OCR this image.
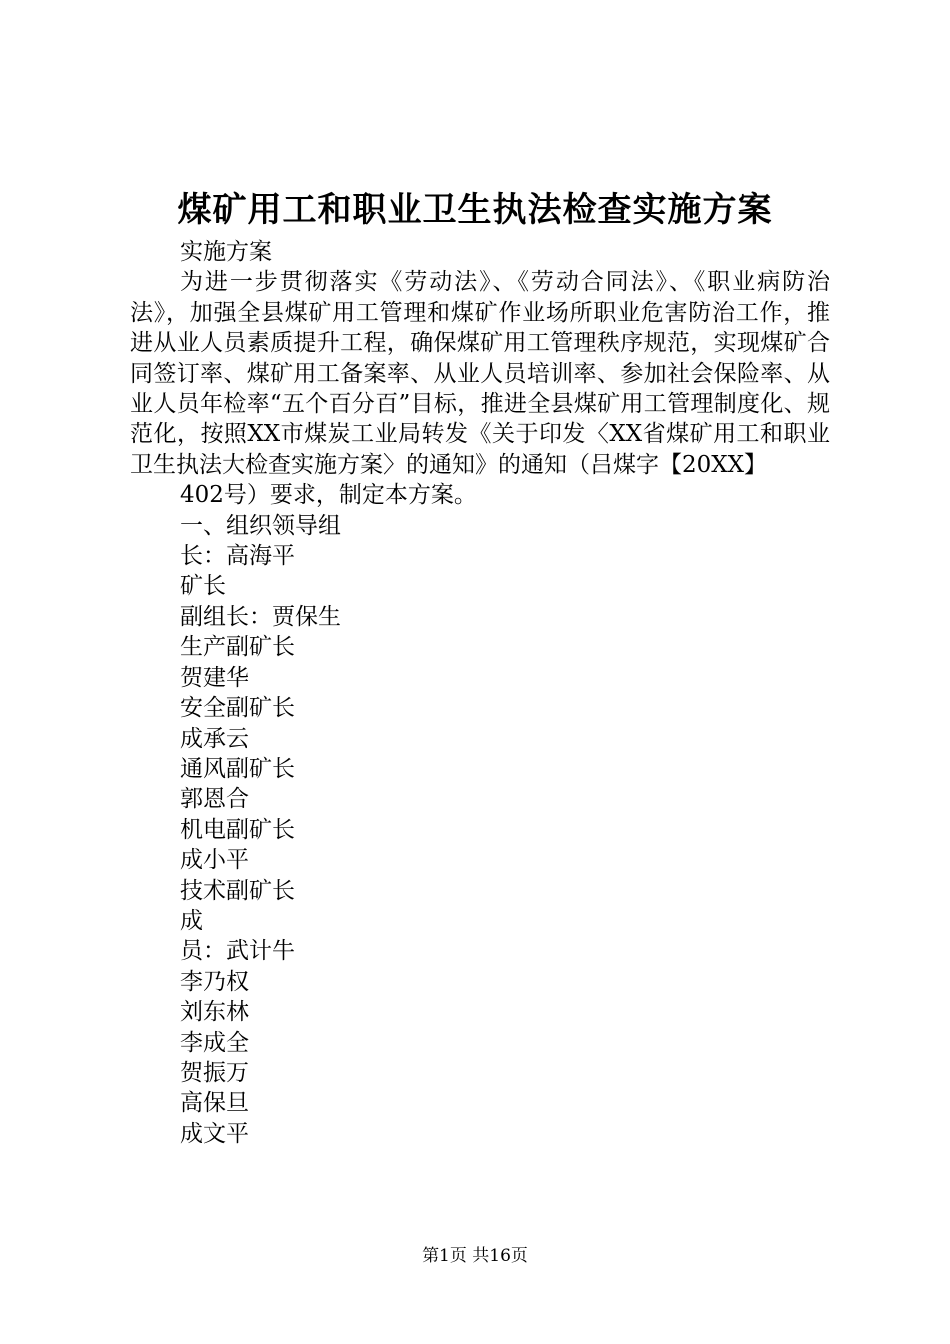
煤矿用工和职业卫生执法检查实施方案

实施方案

为进一步贯彻落实《劳动法》、《劳动合同法》、《职业病防治法》，加强全县煤矿用工管理和煤矿作业场所职业危害防治工作，推进从业人员素质提升工程，确保煤矿用工管理秩序规范，实现煤矿合同签订率、煤矿用工备案率、从业人员培训率、参加社会保险率、从业人员年检率“五个百分百”目标，推进全县煤矿用工管理制度化、规范化，按照XX市煤炭工业局转发《关于印发〈XX省煤矿用工和职业卫生执法大检查实施方案〉的通知》的通知（吕煤字【20XX】

402号）要求，制定本方案。

一、组织领导组

长：高海平

矿长

副组长：贾保生

生产副矿长

贺建华

安全副矿长

成承云

通风副矿长

郭恩合

机电副矿长

成小平

技术副矿长

成

员：武计牛

李乃权

刘东林

李成全

贺振万

高保旦

成文平

第1页 共16页
